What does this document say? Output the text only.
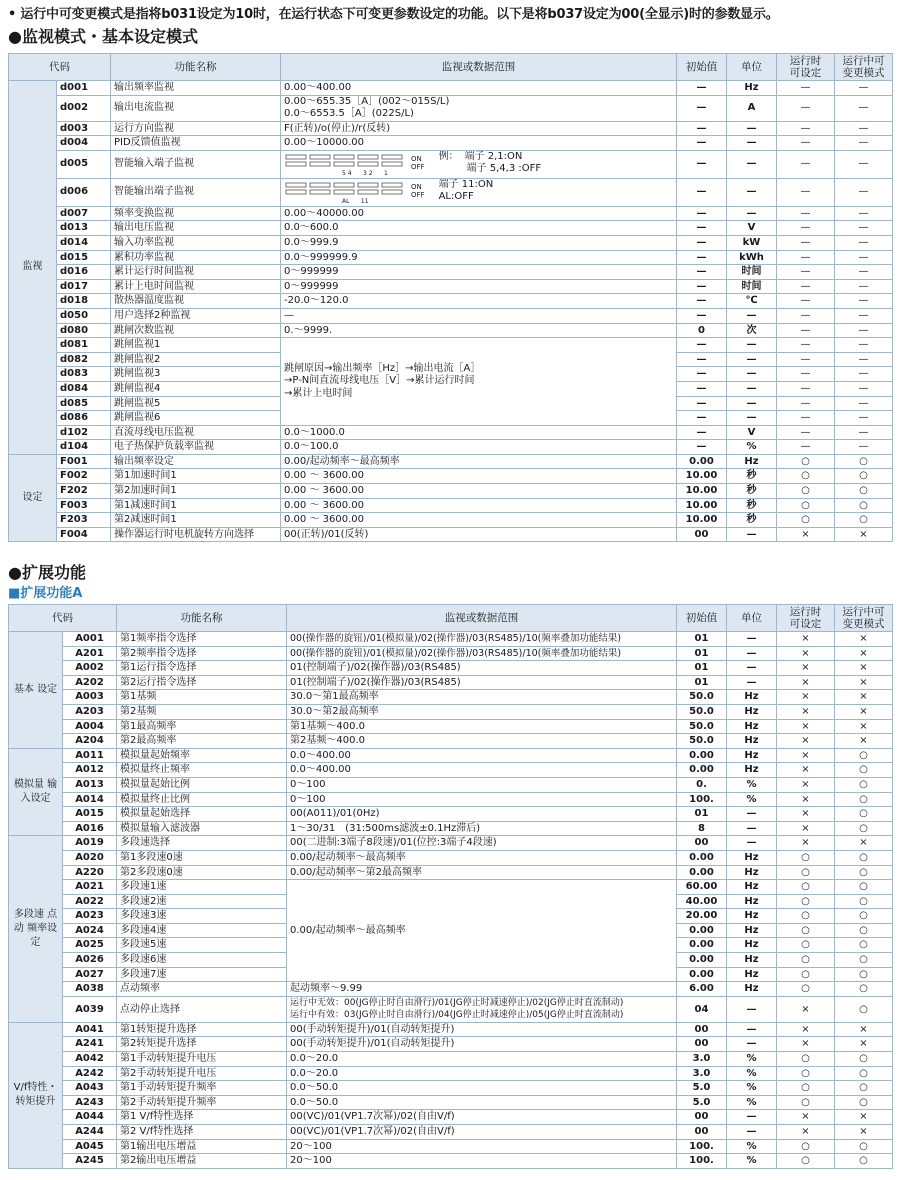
• 运行中可变更模式是指将b031设定为10时，在运行状态下可变更参数设定的功能。以下是将b037设定为00(全显示)时的参数显示。
●监视模式・基本设定模式
代码		功能名称	监视或数据范围	初始值	单位	运行时
可设定	运行中可
变更模式
监视	d001	输出频率监视	0.00～400.00	—	Hz	—	—
	d002	输出电流监视	0.00～655.35［A］(002～015S/L)
0.0～6553.5［A］(022S/L)	—	A	—	—
	d003	运行方向监视	F(正转)/o(停止)/r(反转)	—	—	—	—
	d004	PID反馈值监视	0.00～10000.00	—	—	—	—
	d005	智能输入端子监视	ON
OFF例： 端子 2,1:ON
端子 5,4,3 :OFF
5 4      3 2      1	—	—	—	—
	d006	智能输出端子监视	ON
OFF端子 11:ON
AL:OFF
AL      11	—	—	—	—
	d007	频率变换监视	0.00～40000.00	—	—	—	—
	d013	输出电压监视	0.0～600.0	—	V	—	—
	d014	输入功率监视	0.0～999.9	—	kW	—	—
	d015	累积功率监视	0.0～999999.9	—	kWh	—	—
	d016	累计运行时间监视	0～999999	—	时间	—	—
	d017	累计上电时间监视	0～999999	—	时间	—	—
	d018	散热器温度监视	-20.0～120.0	—	℃	—	—
	d050	用户选择2种监视	—	—	—	—	—
	d080	跳闸次数监视	0.～9999.	0	次	—	—
	d081	跳闸监视1	跳闸原因→输出频率［Hz］→输出电流［A］
→P-N间直流母线电压［V］→累计运行时间
→累计上电时间	—	—	—	—
	d082	跳闸监视2		—	—	—	—
	d083	跳闸监视3		—	—	—	—
	d084	跳闸监视4		—	—	—	—
	d085	跳闸监视5		—	—	—	—
	d086	跳闸监视6		—	—	—	—
	d102	直流母线电压监视	0.0～1000.0	—	V	—	—
	d104	电子热保护负载率监视	0.0～100.0	—	%	—	—
设定	F001	输出频率设定	0.00/起动频率～最高频率	0.00	Hz	○	○
	F002	第1加速时间1	0.00 ～ 3600.00	10.00	秒	○	○
	F202	第2加速时间1	0.00 ～ 3600.00	10.00	秒	○	○
	F003	第1减速时间1	0.00 ～ 3600.00	10.00	秒	○	○
	F203	第2减速时间1	0.00 ～ 3600.00	10.00	秒	○	○
	F004	操作器运行时电机旋转方向选择	00(正转)/01(反转)	00	—	×	×
●扩展功能
■扩展功能A
代码		功能名称	监视或数据范围	初始值	单位	运行时
可设定	运行中可
变更模式
基本 设定	A001	第1频率指令选择	00(操作器的旋钮)/01(模拟量)/02(操作器)/03(RS485)/10(频率叠加功能结果)	01	—	×	×
	A201	第2频率指令选择	00(操作器的旋钮)/01(模拟量)/02(操作器)/03(RS485)/10(频率叠加功能结果)	01	—	×	×
	A002	第1运行指令选择	01(控制端子)/02(操作器)/03(RS485)	01	—	×	×
	A202	第2运行指令选择	01(控制端子)/02(操作器)/03(RS485)	01	—	×	×
	A003	第1基频	30.0～第1最高频率	50.0	Hz	×	×
	A203	第2基频	30.0～第2最高频率	50.0	Hz	×	×
	A004	第1最高频率	第1基频～400.0	50.0	Hz	×	×
	A204	第2最高频率	第2基频～400.0	50.0	Hz	×	×
模拟量 输入设定	A011	模拟量起始频率	0.0～400.00	0.00	Hz	×	○
	A012	模拟量终止频率	0.0～400.00	0.00	Hz	×	○
	A013	模拟量起始比例	0～100	0.	%	×	○
	A014	模拟量终止比例	0～100	100.	%	×	○
	A015	模拟量起始选择	00(A011)/01(0Hz)	01	—	×	○
	A016	模拟量输入滤波器	1～30/31　(31:500ms滤波±0.1Hz滞后)	8	—	×	○
多段速 点动 频率设定	A019	多段速选择	00(二进制:3端子8段速)/01(位控:3端子4段速)	00	—	×	×
	A020	第1多段速0速	0.00/起动频率～最高频率	0.00	Hz	○	○
	A220	第2多段速0速	0.00/起动频率～第2最高频率	0.00	Hz	○	○
	A021	多段速1速	0.00/起动频率～最高频率	60.00	Hz	○	○
	A022	多段速2速		40.00	Hz	○	○
	A023	多段速3速		20.00	Hz	○	○
	A024	多段速4速		0.00	Hz	○	○
	A025	多段速5速		0.00	Hz	○	○
	A026	多段速6速		0.00	Hz	○	○
	A027	多段速7速		0.00	Hz	○	○
	A038	点动频率	起动频率～9.99	6.00	Hz	○	○
	A039	点动停止选择	运行中无效：00(JG停止时自由滑行)/01(JG停止时减速停止)/02(JG停止时直流制动)
运行中有效：03(JG停止时自由滑行)/04(JG停止时减速停止)/05(JG停止时直流制动)	04	—	×	○
V/f特性・ 转矩提升	A041	第1转矩提升选择	00(手动转矩提升)/01(自动转矩提升)	00	—	×	×
	A241	第2转矩提升选择	00(手动转矩提升)/01(自动转矩提升)	00	—	×	×
	A042	第1手动转矩提升电压	0.0～20.0	3.0	%	○	○
	A242	第2手动转矩提升电压	0.0～20.0	3.0	%	○	○
	A043	第1手动转矩提升频率	0.0～50.0	5.0	%	○	○
	A243	第2手动转矩提升频率	0.0～50.0	5.0	%	○	○
	A044	第1 V/f特性选择	00(VC)/01(VP1.7次幂)/02(自由V/f)	00	—	×	×
	A244	第2 V/f特性选择	00(VC)/01(VP1.7次幂)/02(自由V/f)	00	—	×	×
	A045	第1输出电压增益	20～100	100.	%	○	○
	A245	第2输出电压增益	20～100	100.	%	○	○
